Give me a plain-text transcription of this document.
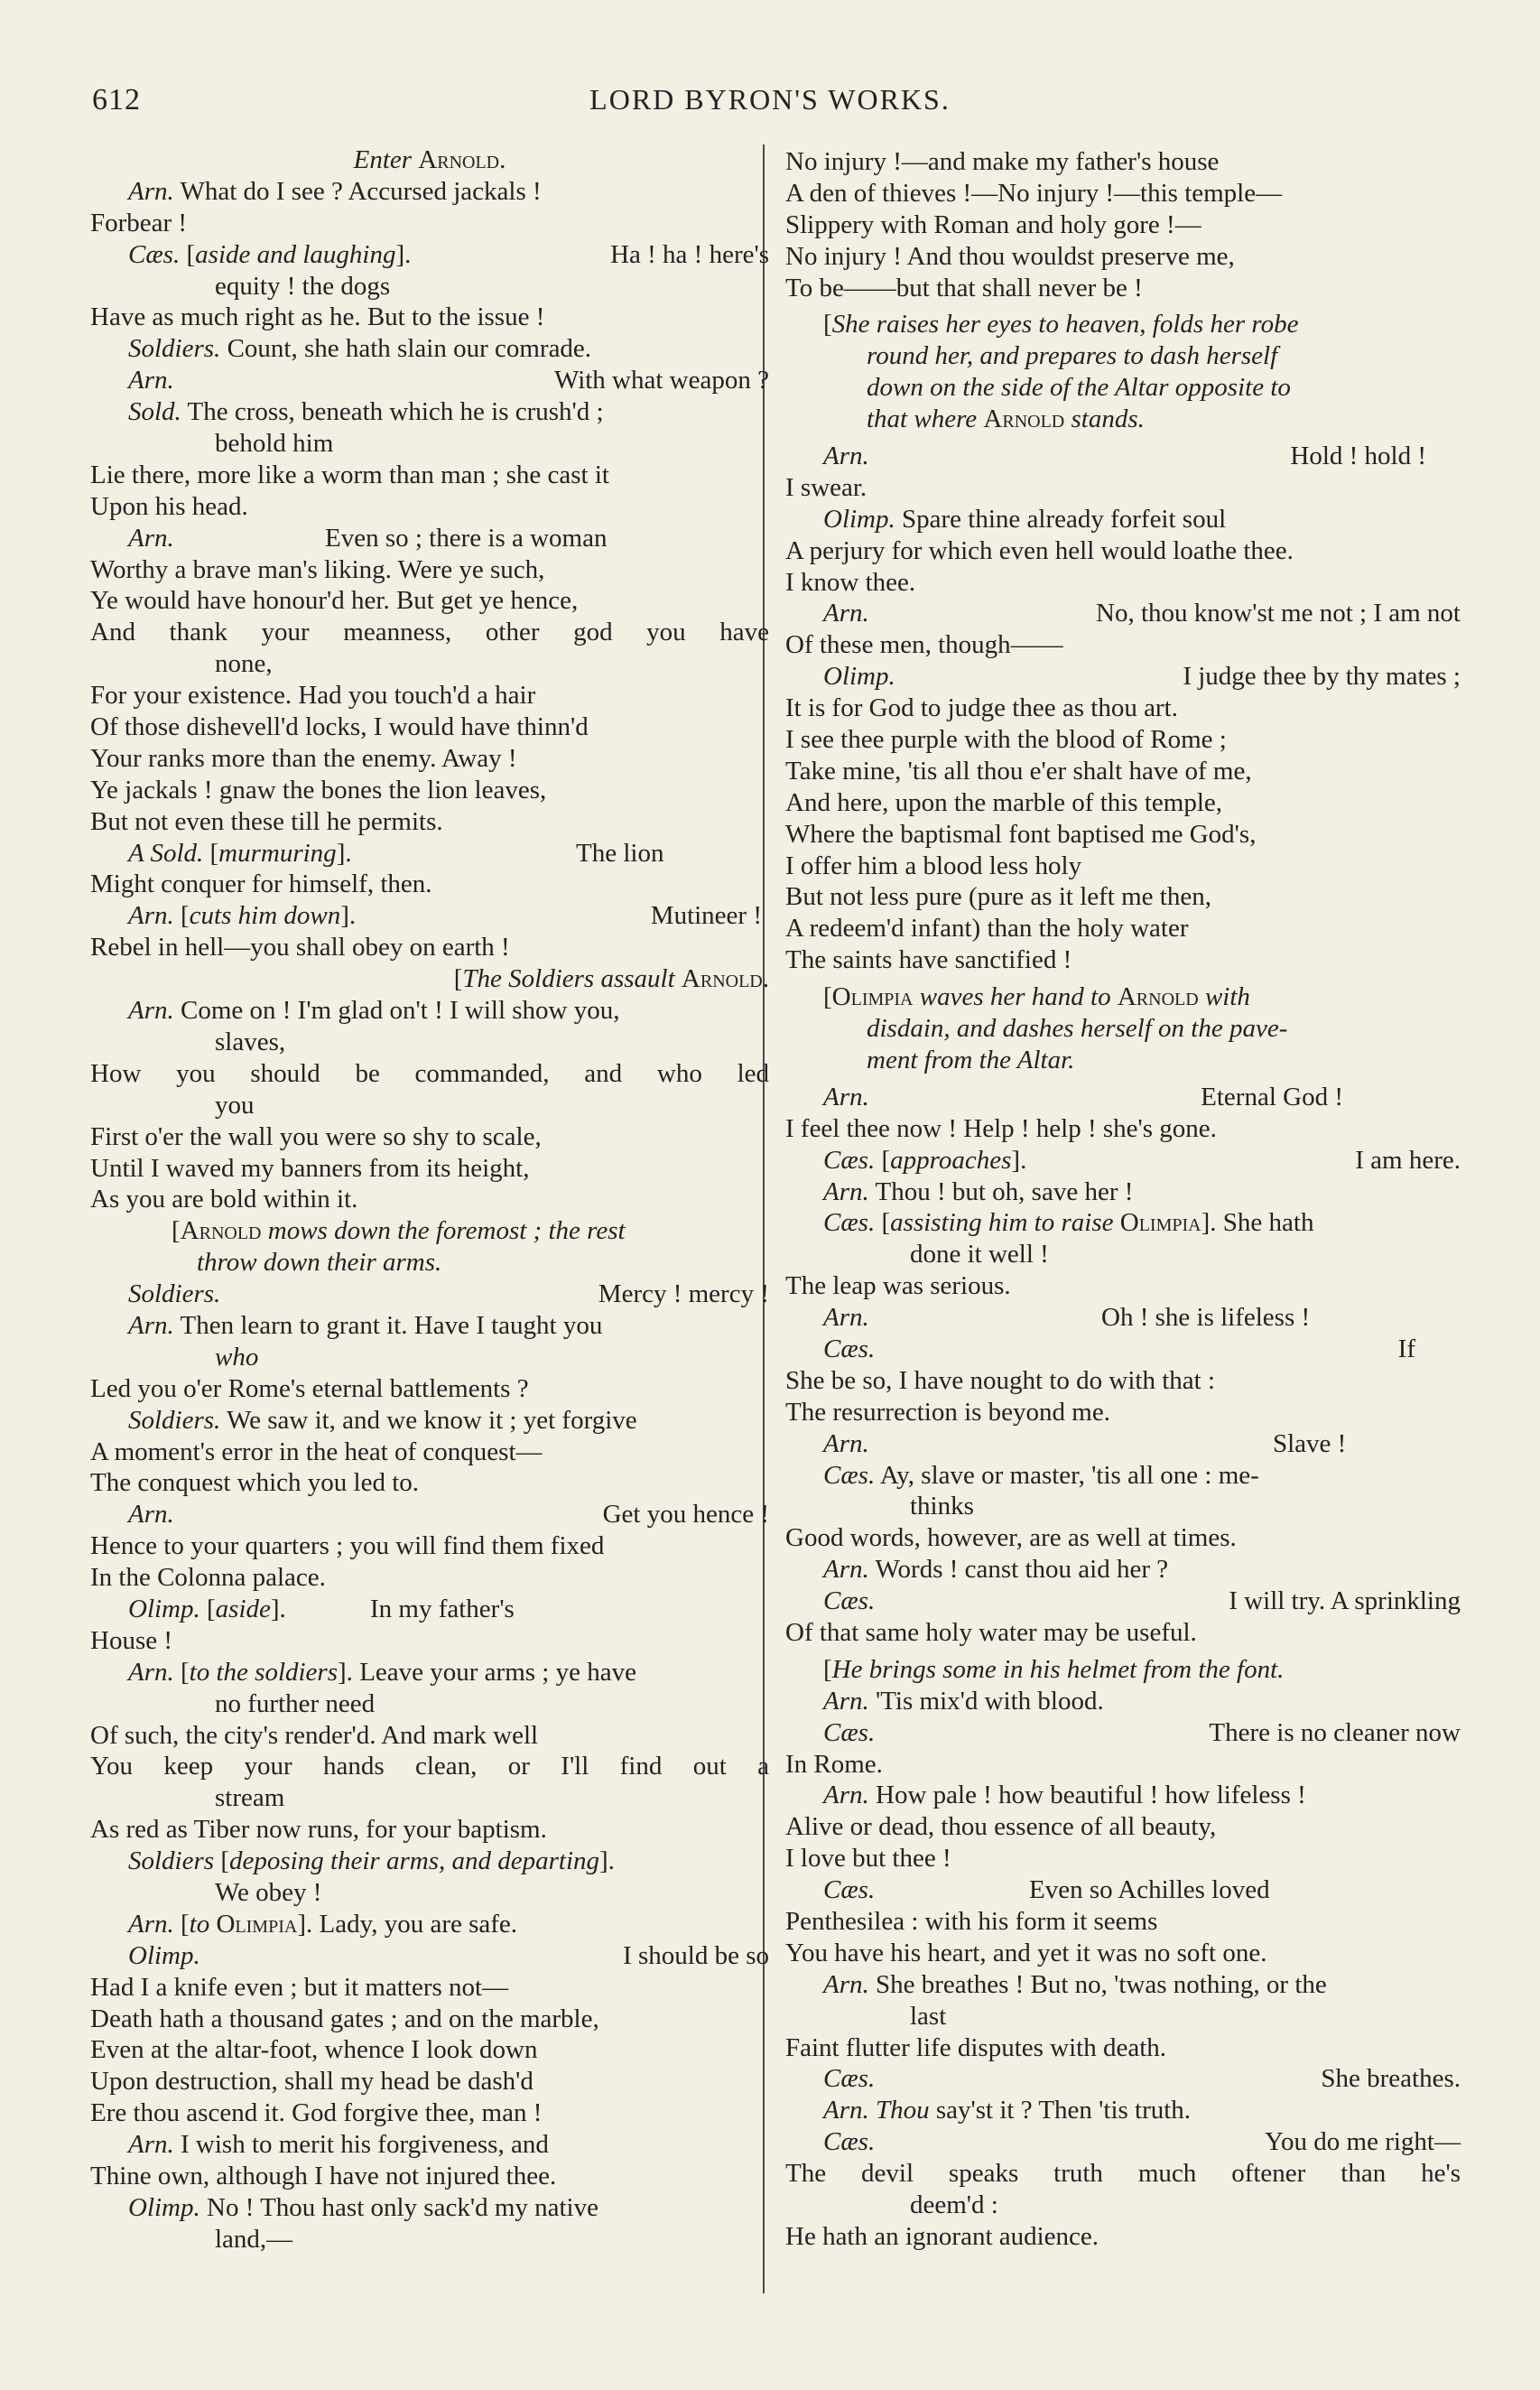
612	LORD BYRON'S WORKS.
Enter Arnold.
Arn. What do I see ? Accursed jackals !
Forbear !
Cæs. [aside and laughing].	Ha ! ha ! here's
equity ! the dogs
Have as much right as he. But to the issue !
Soldiers. Count, she hath slain our comrade.
Arn.	With what weapon ?
Sold. The cross, beneath which he is crush'd ;
behold him
Lie there, more like a worm than man ; she cast it
Upon his head.
Arn.	Even so ; there is a woman
Worthy a brave man's liking. Were ye such,
Ye would have honour'd her. But get ye hence,
And thank your meanness, other god you have
none,
For your existence. Had you touch'd a hair
Of those dishevell'd locks, I would have thinn'd
Your ranks more than the enemy. Away !
Ye jackals ! gnaw the bones the lion leaves,
But not even these till he permits.
A Sold. [murmuring].	The lion
Might conquer for himself, then.
Arn. [cuts him down].	Mutineer !
Rebel in hell—you shall obey on earth !
[The Soldiers assault Arnold.
Arn. Come on ! I'm glad on't ! I will show you,
slaves,
How you should be commanded, and who led
you
First o'er the wall you were so shy to scale,
Until I waved my banners from its height,
As you are bold within it.
[Arnold mows down the foremost ; the rest
throw down their arms.
Soldiers.	Mercy ! mercy !
Arn. Then learn to grant it. Have I taught you
who
Led you o'er Rome's eternal battlements ?
Soldiers. We saw it, and we know it ; yet forgive
A moment's error in the heat of conquest—
The conquest which you led to.
Arn.	Get you hence !
Hence to your quarters ; you will find them fixed
In the Colonna palace.
Olimp. [aside].	In my father's
House !
Arn. [to the soldiers]. Leave your arms ; ye have
no further need
Of such, the city's render'd. And mark well
You keep your hands clean, or I'll find out a
stream
As red as Tiber now runs, for your baptism.
Soldiers [deposing their arms, and departing].
We obey !
Arn. [to Olimpia]. Lady, you are safe.
Olimp.	I should be so
Had I a knife even ; but it matters not—
Death hath a thousand gates ; and on the marble,
Even at the altar-foot, whence I look down
Upon destruction, shall my head be dash'd
Ere thou ascend it. God forgive thee, man !
Arn. I wish to merit his forgiveness, and
Thine own, although I have not injured thee.
Olimp. No ! Thou hast only sack'd my native
land,—
No injury !—and make my father's house
A den of thieves !—No injury !—this temple—
Slippery with Roman and holy gore !—
No injury ! And thou wouldst preserve me,
To be——but that shall never be !
[She raises her eyes to heaven, folds her robe
round her, and prepares to dash herself
down on the side of the Altar opposite to
that where Arnold stands.
Arn.	Hold ! hold !
I swear.
Olimp. Spare thine already forfeit soul
A perjury for which even hell would loathe thee.
I know thee.
Arn.	No, thou know'st me not ; I am not
Of these men, though——
Olimp.	I judge thee by thy mates ;
It is for God to judge thee as thou art.
I see thee purple with the blood of Rome ;
Take mine, 'tis all thou e'er shalt have of me,
And here, upon the marble of this temple,
Where the baptismal font baptised me God's,
I offer him a blood less holy
But not less pure (pure as it left me then,
A redeem'd infant) than the holy water
The saints have sanctified !
[Olimpia waves her hand to Arnold with
disdain, and dashes herself on the pave-
ment from the Altar.
Arn.	Eternal God !
I feel thee now ! Help ! help ! she's gone.
Cæs. [approaches].	I am here.
Arn. Thou ! but oh, save her !
Cæs. [assisting him to raise Olimpia]. She hath
done it well !
The leap was serious.
Arn.	Oh ! she is lifeless !
Cæs.	If
She be so, I have nought to do with that :
The resurrection is beyond me.
Arn.	Slave !
Cæs. Ay, slave or master, 'tis all one : me-
thinks
Good words, however, are as well at times.
Arn. Words ! canst thou aid her ?
Cæs.	I will try. A sprinkling
Of that same holy water may be useful.
[He brings some in his helmet from the font.
Arn. 'Tis mix'd with blood.
Cæs.	There is no cleaner now
In Rome.
Arn. How pale ! how beautiful ! how lifeless !
Alive or dead, thou essence of all beauty,
I love but thee !
Cæs.	Even so Achilles loved
Penthesilea : with his form it seems
You have his heart, and yet it was no soft one.
Arn. She breathes ! But no, 'twas nothing, or the
last
Faint flutter life disputes with death.
Cæs.	She breathes.
Arn. Thou say'st it ? Then 'tis truth.
Cæs.	You do me right—
The devil speaks truth much oftener than he's
deem'd :
He hath an ignorant audience.
